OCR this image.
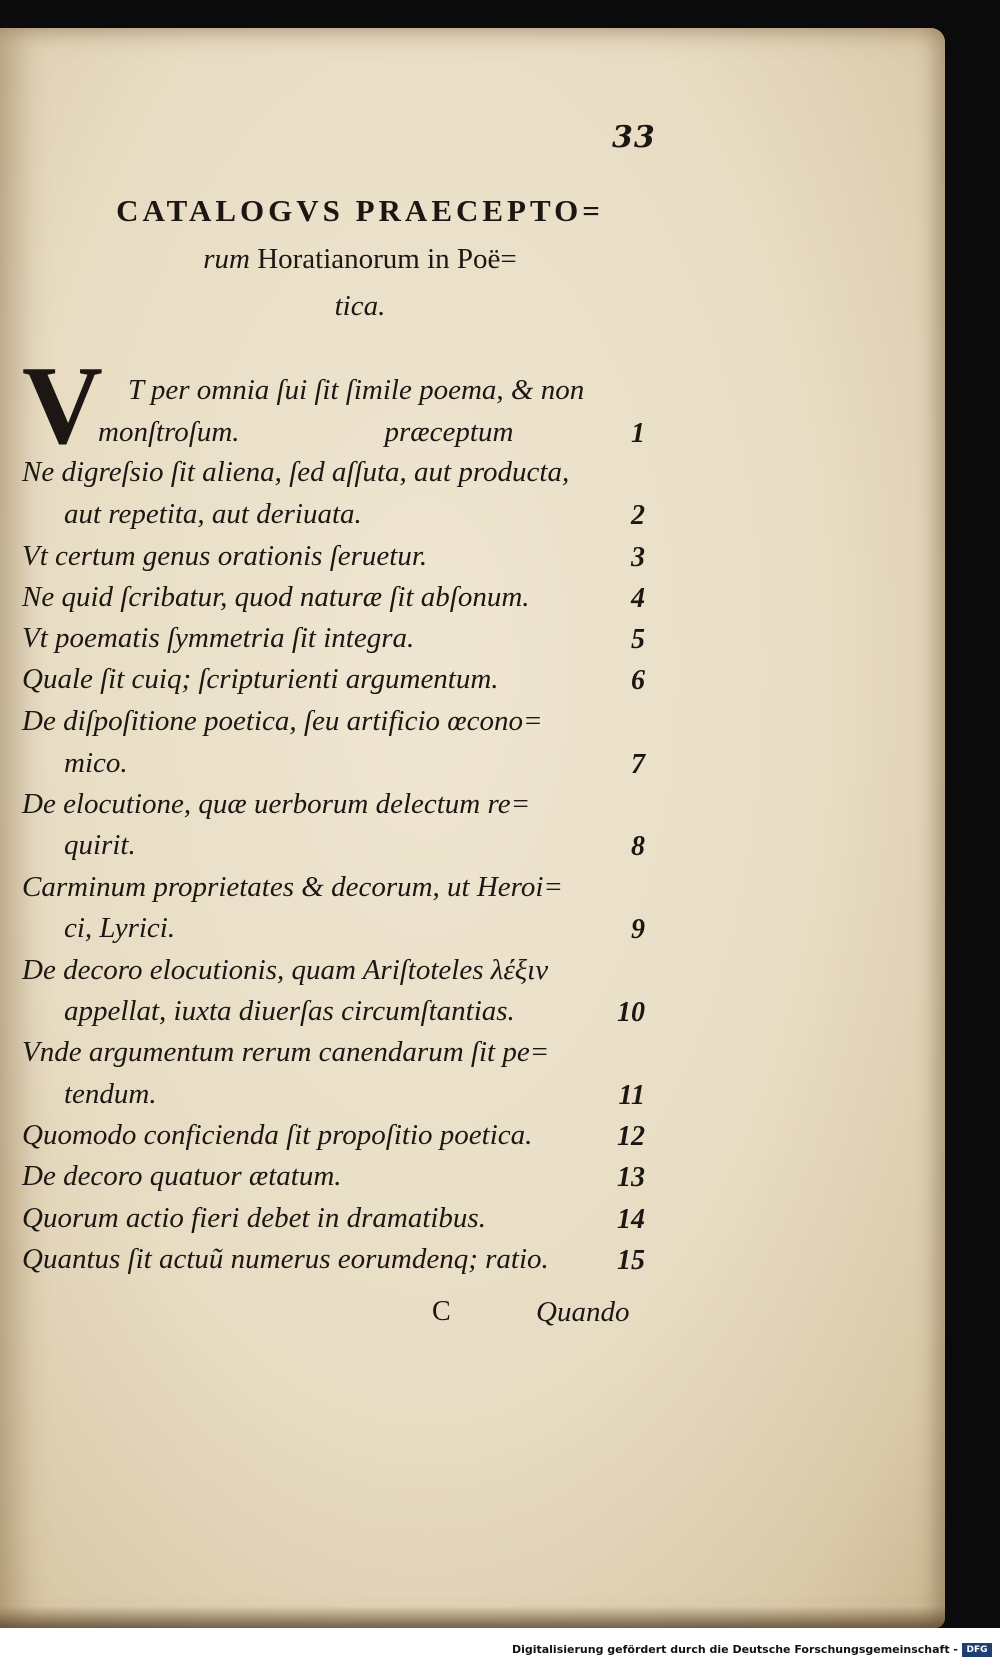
33
CATALOGVS PRAECEPTO=
rum Horatianorum in Poë=
tica.
V T per omnia ſui ſit ſimile poema, & non
monſtroſum.                    præceptum	1
Ne digreſsio ſit aliena, ſed aſſuta, aut producta,
aut repetita, aut deriuata.	2
Vt certum genus orationis ſeruetur.	3
Ne quid ſcribatur, quod naturæ ſit abſonum.	4
Vt poematis ſymmetria ſit integra.	5
Quale ſit cuiq; ſcripturienti argumentum.	6
De diſpoſitione poetica, ſeu artificio œcono=
mico.	7
De elocutione, quæ uerborum delectum re=
quirit.	8
Carminum proprietates & decorum, ut Heroi=
ci, Lyrici.	9
De decoro elocutionis, quam Ariſtoteles λέξιν
appellat, iuxta diuerſas circumſtantias.	10
Vnde argumentum rerum canendarum ſit pe=
tendum.	11
Quomodo conficienda ſit propoſitio poetica.	12
De decoro quatuor ætatum.	13
Quorum actio fieri debet in dramatibus.	14
Quantus ſit actuũ numerus eorumdenq; ratio.	15
C	Quando
Digitalisierung gefördert durch die Deutsche Forschungsgemeinschaft - DFG
